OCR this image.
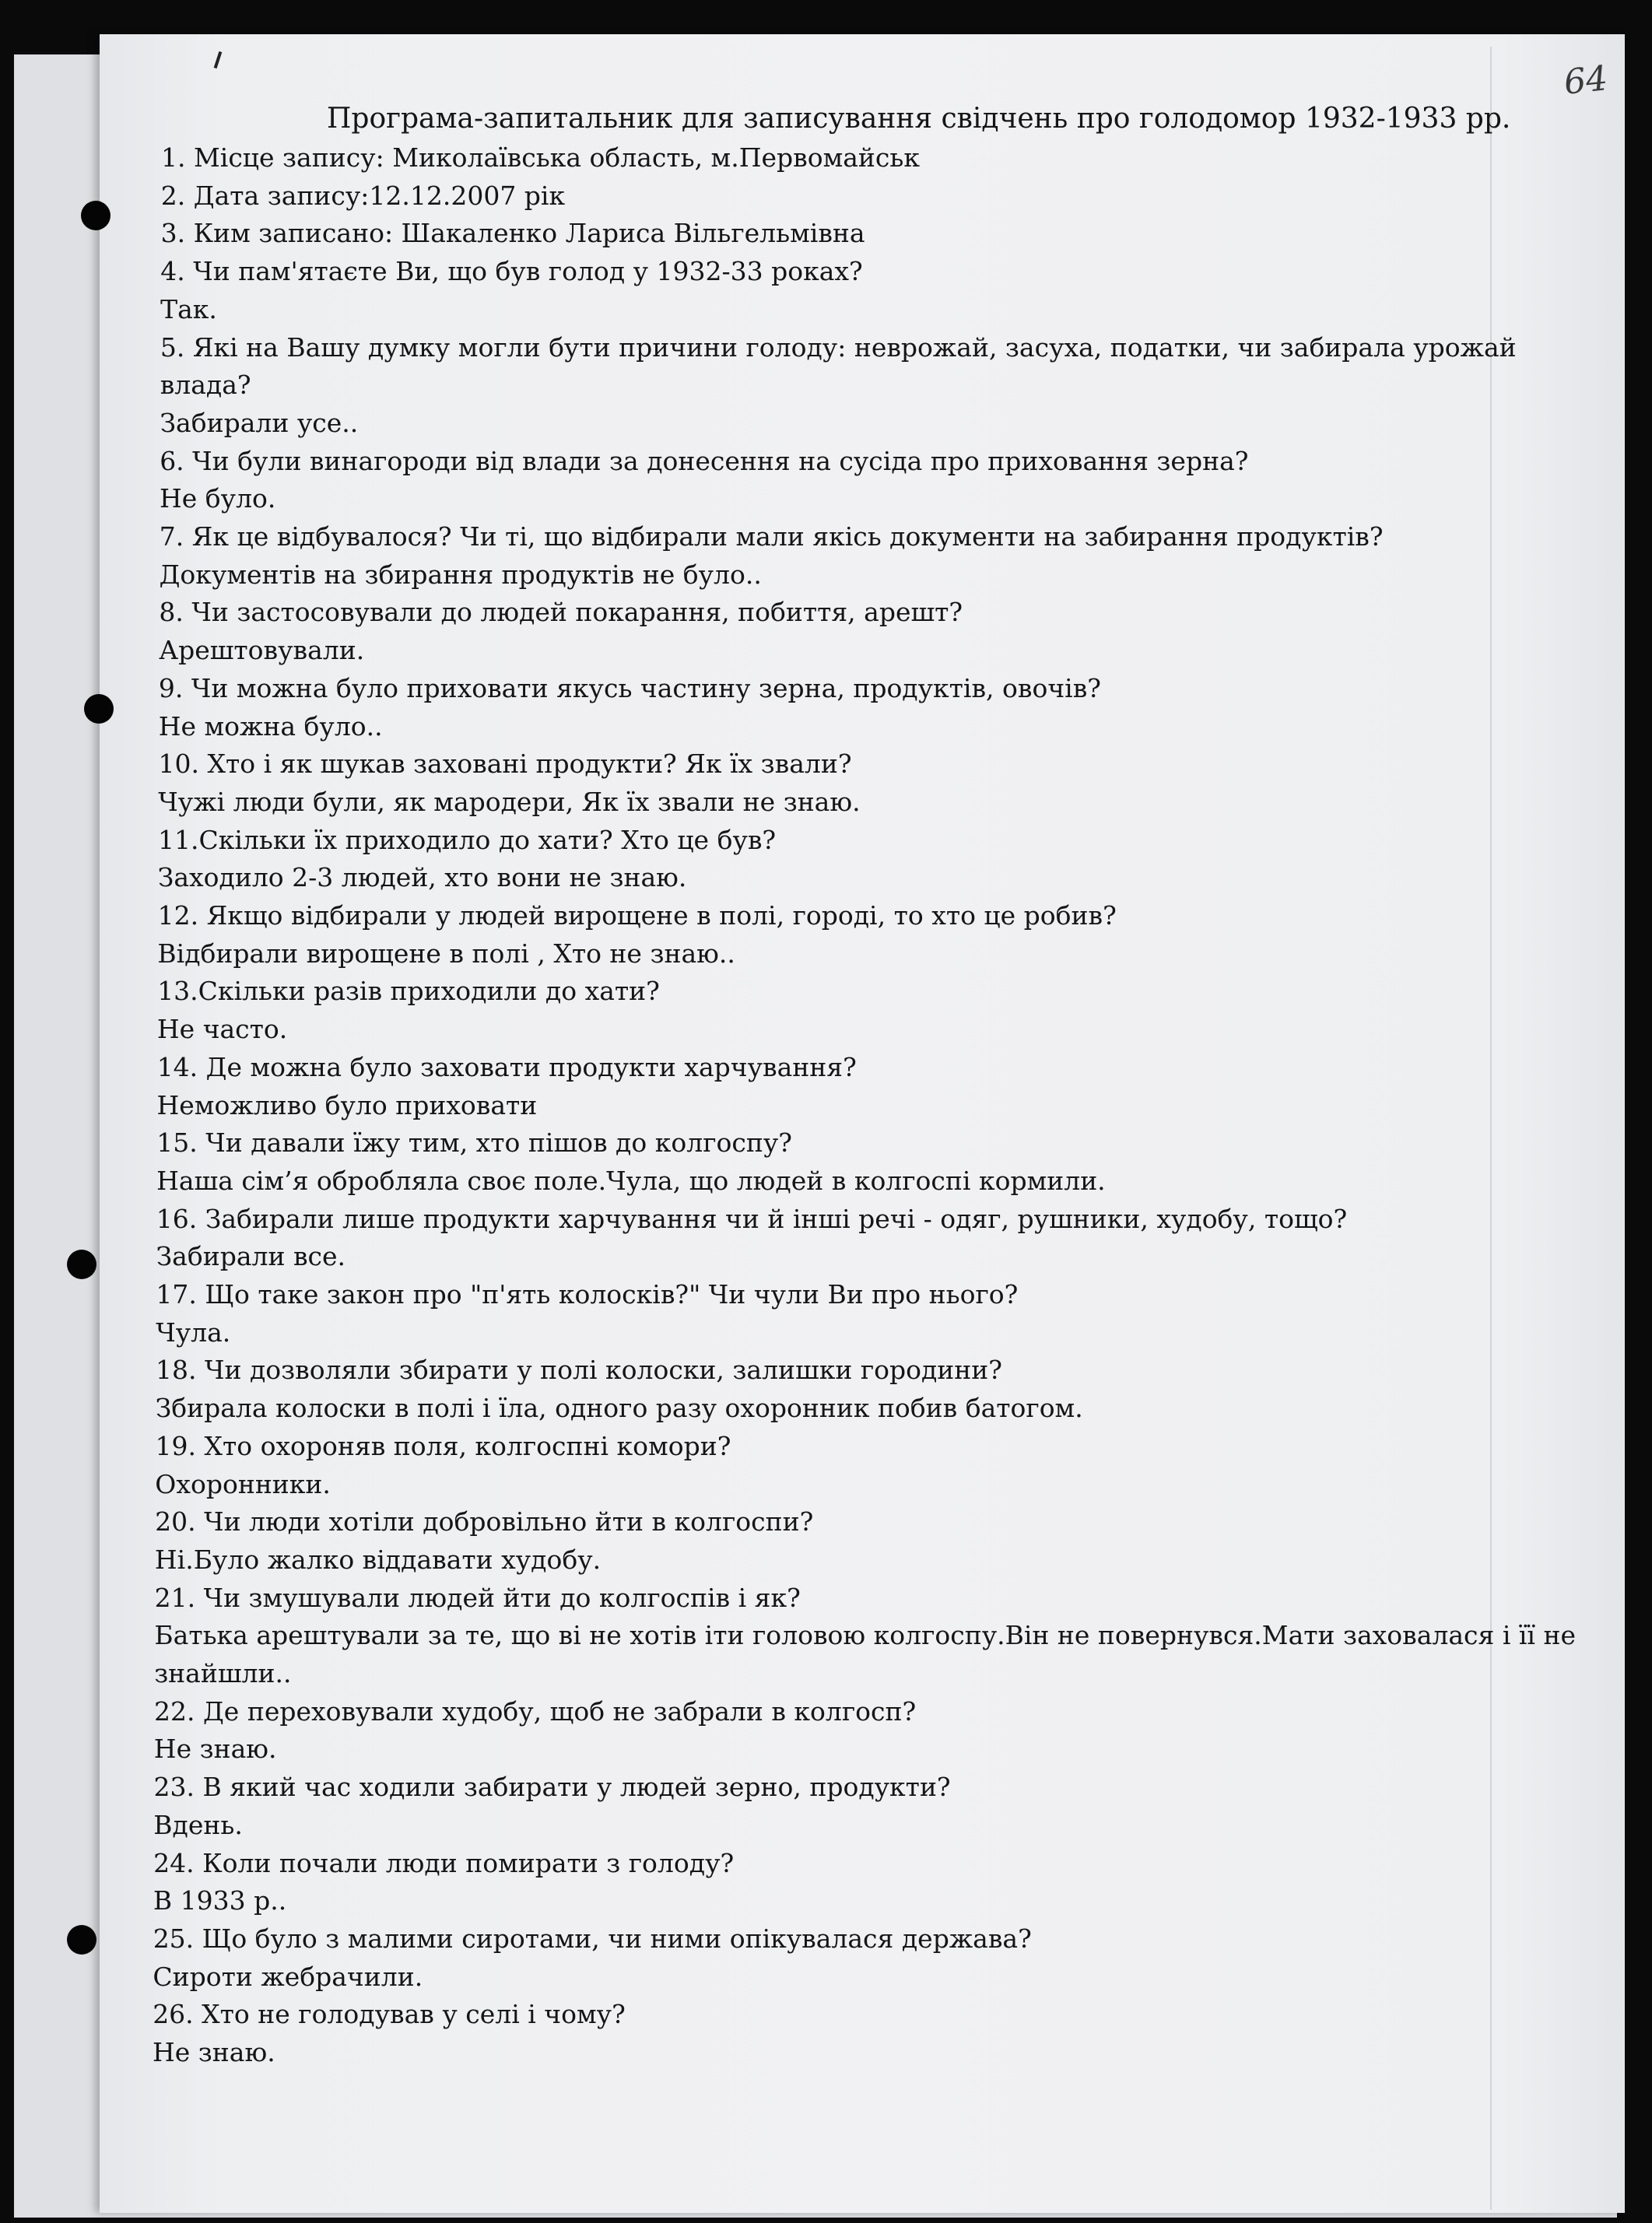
64
Програма-запитальник для записування свідчень про голодомор 1932-1933 рр.
1. Місце запису: Миколаївська область, м.Первомайськ
2. Дата запису:12.12.2007 рік
3. Ким записано: Шакаленко Лариса Вільгельмівна
4. Чи пам'ятаєте Ви, що був голод у 1932-33 роках?
Так.
5. Які на Вашу думку могли бути причини голоду: неврожай, засуха, податки, чи забирала урожай
влада?
Забирали усе..
6. Чи були винагороди від влади за донесення на сусіда про приховання зерна?
Не було.
7. Як це відбувалося? Чи ті, що відбирали мали якісь документи на забирання продуктів?
Документів на збирання продуктів не було..
8. Чи застосовували до людей покарання, побиття, арешт?
Арештовували.
9. Чи можна було приховати якусь частину зерна, продуктів, овочів?
Не можна було..
10. Хто і як шукав заховані продукти? Як їх звали?
Чужі люди були, як мародери, Як їх звали не знаю.
11.Скільки їх приходило до хати? Хто це був?
Заходило 2-3 людей, хто вони не знаю.
12. Якщо відбирали у людей вирощене в полі, городі, то хто це робив?
Відбирали вирощене в полі , Хто не знаю..
13.Скільки разів приходили до хати?
Не часто.
14. Де можна було заховати продукти харчування?
Неможливо було приховати
15. Чи давали їжу тим, хто пішов до колгоспу?
Наша сім’я обробляла своє поле.Чула, що людей в колгоспі кормили.
16. Забирали лише продукти харчування чи й інші речі - одяг, рушники, худобу, тощо?
Забирали все.
17. Що таке закон про "п'ять колосків?" Чи чули Ви про нього?
Чула.
18. Чи дозволяли збирати у полі колоски, залишки городини?
Збирала колоски в полі і їла, одного разу охоронник побив батогом.
19. Хто охороняв поля, колгоспні комори?
Охоронники.
20. Чи люди хотіли добровільно йти в колгоспи?
Ні.Було жалко віддавати худобу.
21. Чи змушували людей йти до колгоспів і як?
Батька арештували за те, що ві не хотів іти головою колгоспу.Він не повернувся.Мати заховалася і її не
знайшли..
22. Де переховували худобу, щоб не забрали в колгосп?
Не знаю.
23. В який час ходили забирати у людей зерно, продукти?
Вдень.
24. Коли почали люди помирати з голоду?
В 1933 р..
25. Що було з малими сиротами, чи ними опікувалася держава?
Сироти жебрачили.
26. Хто не голодував у селі і чому?
Не знаю.
